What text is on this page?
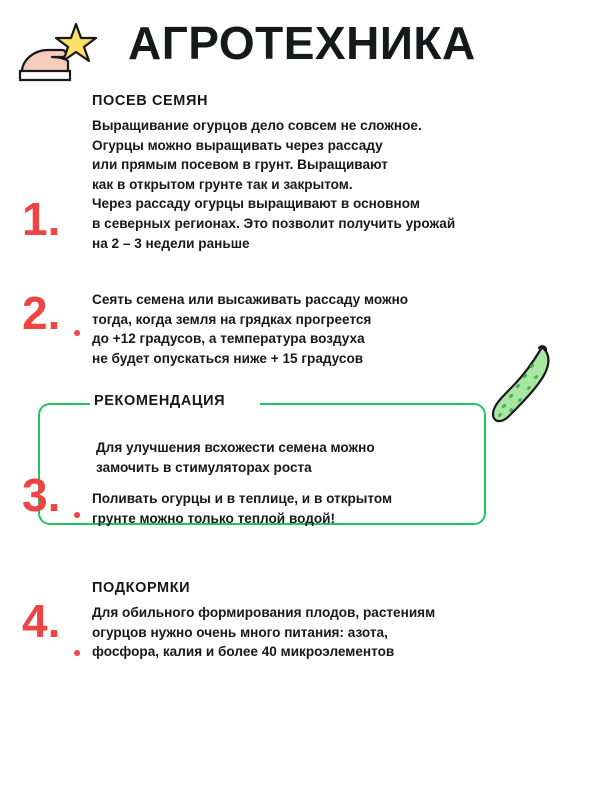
АГРОТЕХНИКА
1.
ПОСЕВ СЕМЯН
Выращивание огурцов дело совсем не сложное.
Огурцы можно выращивать через рассаду
или прямым посевом в грунт. Выращивают
как в открытом грунте так и закрытом.
Через рассаду огурцы выращивают в основном
в северных регионах. Это позволит получить урожай
на 2 – 3 недели раньше
2. Сеять семена или высаживать рассаду можно
тогда, когда земля на грядках прогреется
до +12 градусов, а температура воздуха
не будет опускаться ниже + 15 градусов
РЕКОМЕНДАЦИЯ
3.
Для улучшения всхожести семена можно
замочить в стимуляторах роста
Поливать огурцы и в теплице, и в открытом
грунте можно только теплой водой!
4.
ПОДКОРМКИ
Для обильного формирования плодов, растениям
огурцов нужно очень много питания: азота,
фосфора, калия и более 40 микроэлементов
